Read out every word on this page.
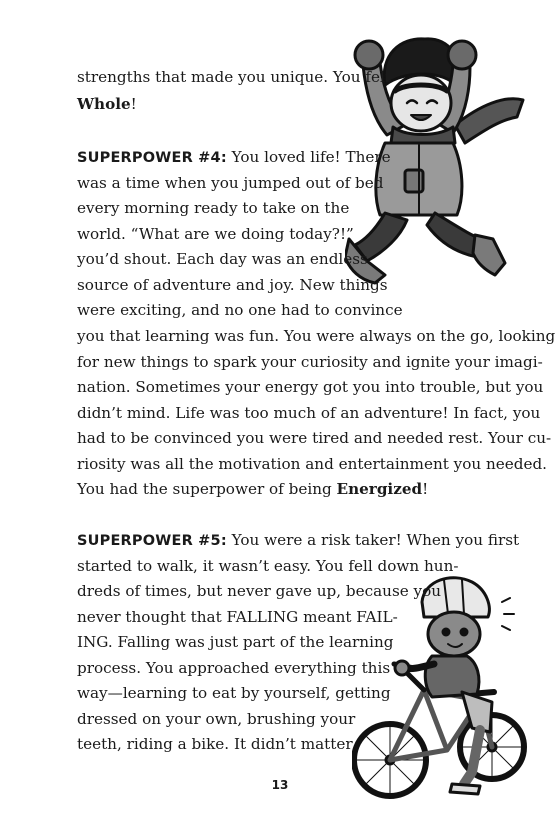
strengths that made you unique. You felt

Whole!

SUPERPOWER #4: You loved life! There

was a time when you jumped out of bed

every morning ready to take on the

world. “What are we doing today?!”

you’d shout. Each day was an endless

source of adventure and joy. New things

were exciting, and no one had to convince

you that learning was fun. You were always on the go, looking

for new things to spark your curiosity and ignite your imagi-

nation. Sometimes your energy got you into trouble, but you

didn’t mind. Life was too much of an adventure! In fact, you

had to be convinced you were tired and needed rest. Your cu-

riosity was all the motivation and entertainment you needed.

You had the superpower of being Energized!

SUPERPOWER #5: You were a risk taker! When you first

started to walk, it wasn’t easy. You fell down hun-

dreds of times, but never gave up, because you

never thought that FALLING meant FAIL-

ING. Falling was just part of the learning

process. You approached everything this

way—learning to eat by yourself, getting

dressed on your own, brushing your

teeth, riding a bike. It didn’t matter

13
